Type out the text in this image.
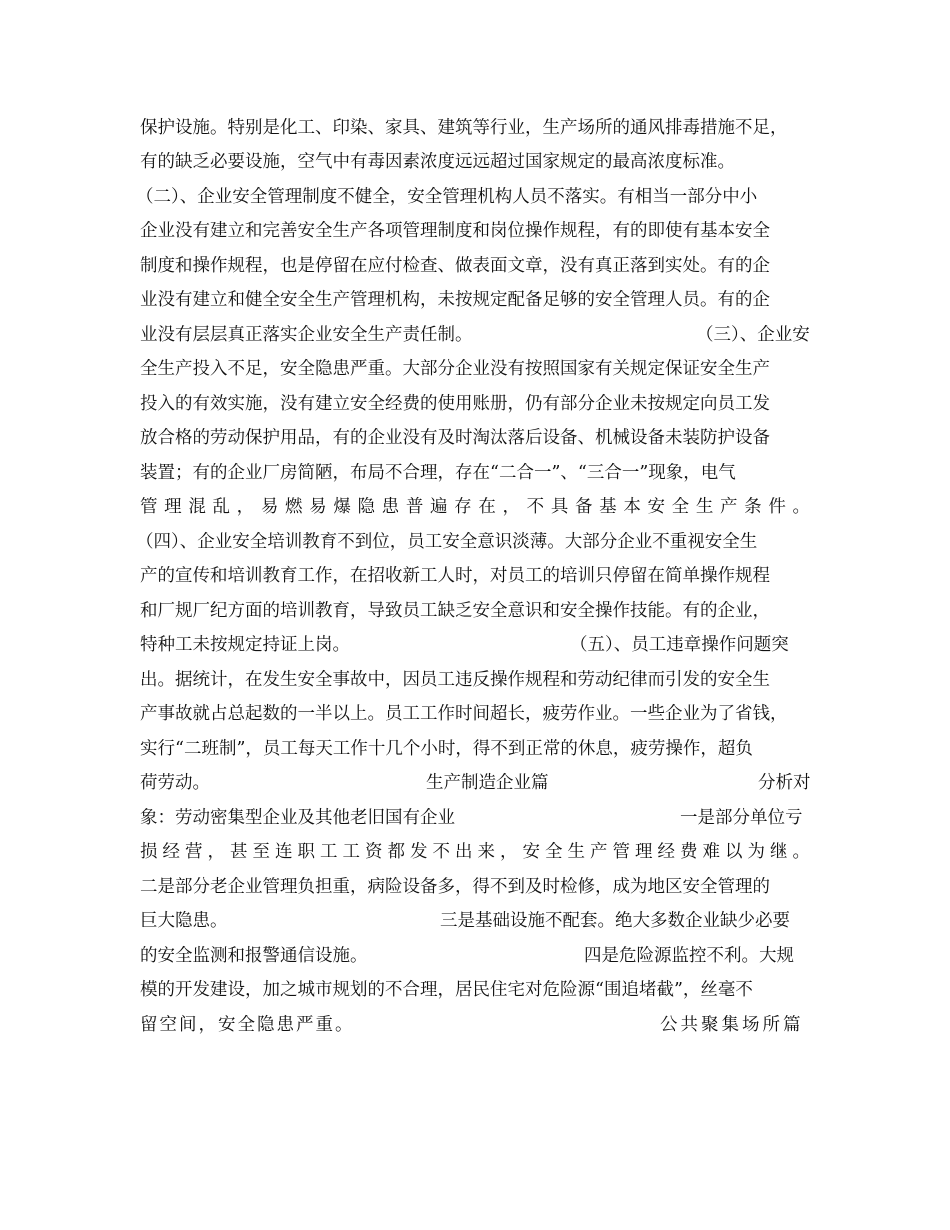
保护设施。特别是化工、印染、家具、建筑等行业，生产场所的通风排毒措施不足，
有的缺乏必要设施，空气中有毒因素浓度远远超过国家规定的最高浓度标准。
（二）、企业安全管理制度不健全，安全管理机构人员不落实。有相当一部分中小
企业没有建立和完善安全生产各项管理制度和岗位操作规程，有的即使有基本安全
制度和操作规程，也是停留在应付检查、做表面文章，没有真正落到实处。有的企
业没有建立和健全安全生产管理机构，未按规定配备足够的安全管理人员。有的企
业没有层层真正落实企业安全生产责任制。	（三）、企业安
全生产投入不足，安全隐患严重。大部分企业没有按照国家有关规定保证安全生产
投入的有效实施，没有建立安全经费的使用账册，仍有部分企业未按规定向员工发
放合格的劳动保护用品，有的企业没有及时淘汰落后设备、机械设备未装防护设备
装置；有的企业厂房简陋，布局不合理，存在“二合一”、“三合一”现象，电气
管理混乱，易燃易爆隐患普遍存在，不具备基本安全生产条件。
（四）、企业安全培训教育不到位，员工安全意识淡薄。大部分企业不重视安全生
产的宣传和培训教育工作，在招收新工人时，对员工的培训只停留在简单操作规程
和厂规厂纪方面的培训教育，导致员工缺乏安全意识和安全操作技能。有的企业，
特种工未按规定持证上岗。	（五）、员工违章操作问题突
出。据统计，在发生安全事故中，因员工违反操作规程和劳动纪律而引发的安全生
产事故就占总起数的一半以上。员工工作时间超长，疲劳作业。一些企业为了省钱，
实行“二班制”，员工每天工作十几个小时，得不到正常的休息，疲劳操作，超负
荷劳动。	生产制造企业篇	分析对
象：劳动密集型企业及其他老旧国有企业	一是部分单位亏
损经营，甚至连职工工资都发不出来，安全生产管理经费难以为继。
二是部分老企业管理负担重，病险设备多，得不到及时检修，成为地区安全管理的
巨大隐患。	三是基础设施不配套。绝大多数企业缺少必要
的安全监测和报警通信设施。	四是危险源监控不利。大规
模的开发建设，加之城市规划的不合理，居民住宅对危险源“围追堵截”，丝毫不
留空间，安全隐患严重。	公共聚集场所篇
